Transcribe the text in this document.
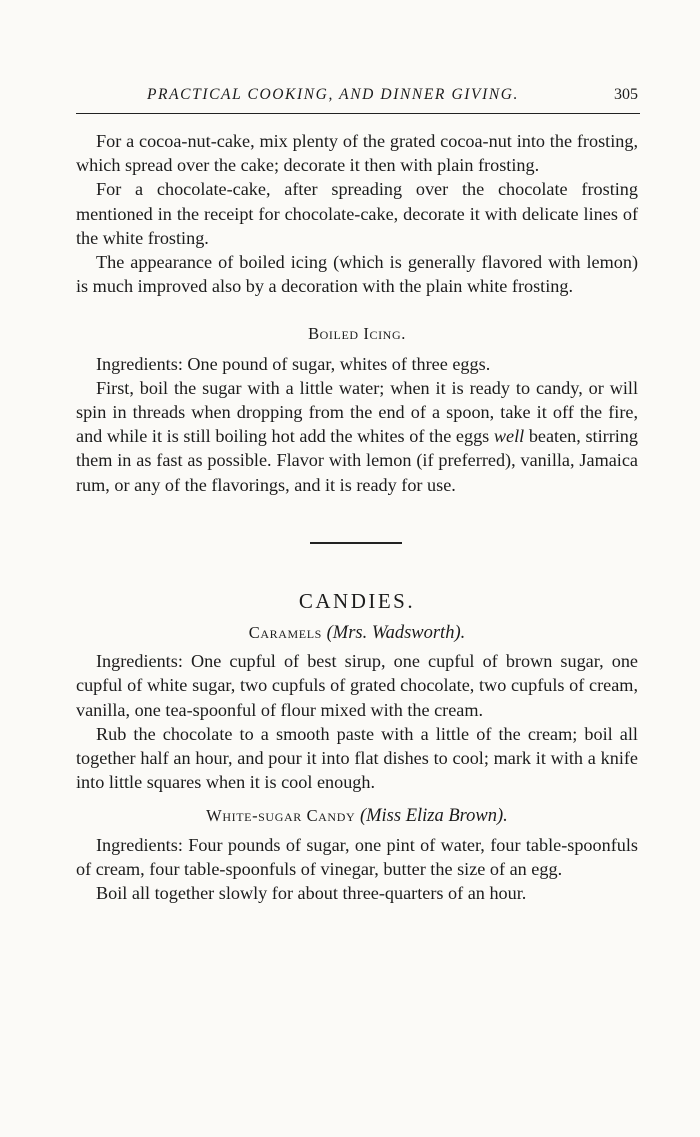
PRACTICAL COOKING, AND DINNER GIVING.	305

For a cocoa-nut-cake, mix plenty of the grated cocoa-nut into the frosting, which spread over the cake; decorate it then with plain frosting.

For a chocolate-cake, after spreading over the chocolate frosting mentioned in the receipt for chocolate-cake, decorate it with delicate lines of the white frosting.

The appearance of boiled icing (which is generally flavored with lemon) is much improved also by a decoration with the plain white frosting.

Boiled Icing.

Ingredients: One pound of sugar, whites of three eggs.

First, boil the sugar with a little water; when it is ready to candy, or will spin in threads when dropping from the end of a spoon, take it off the fire, and while it is still boiling hot add the whites of the eggs well beaten, stirring them in as fast as possible. Flavor with lemon (if preferred), vanilla, Jamaica rum, or any of the flavorings, and it is ready for use.

CANDIES.
Caramels (Mrs. Wadsworth).

Ingredients: One cupful of best sirup, one cupful of brown sugar, one cupful of white sugar, two cupfuls of grated chocolate, two cupfuls of cream, vanilla, one tea-spoonful of flour mixed with the cream.

Rub the chocolate to a smooth paste with a little of the cream; boil all together half an hour, and pour it into flat dishes to cool; mark it with a knife into little squares when it is cool enough.

White-sugar Candy (Miss Eliza Brown).

Ingredients: Four pounds of sugar, one pint of water, four table-spoonfuls of cream, four table-spoonfuls of vinegar, butter the size of an egg.

Boil all together slowly for about three-quarters of an hour.
